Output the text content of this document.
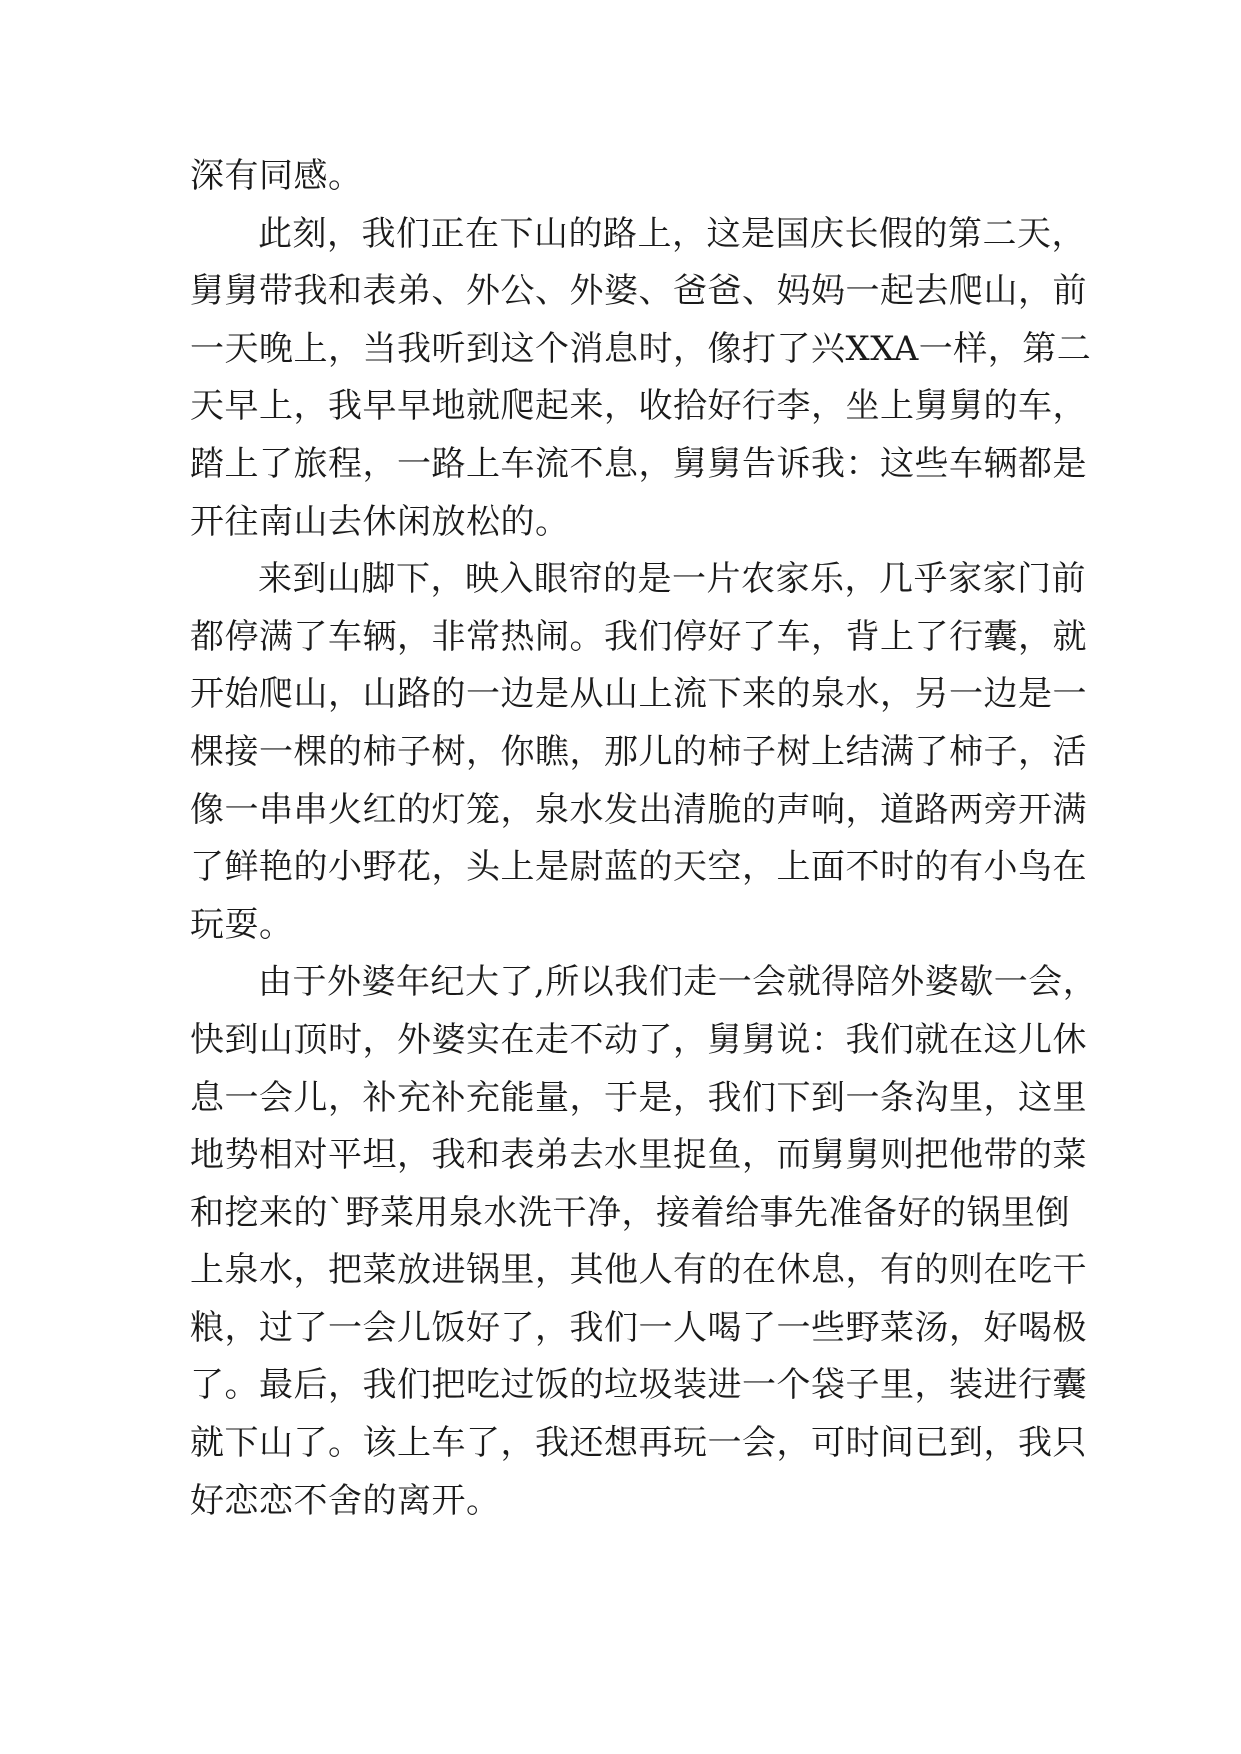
深有同感。
此刻，我们正在下山的路上，这是国庆长假的第二天，
舅舅带我和表弟、外公、外婆、爸爸、妈妈一起去爬山，前
一天晚上，当我听到这个消息时，像打了兴XXA一样，第二
天早上，我早早地就爬起来，收拾好行李，坐上舅舅的车，
踏上了旅程，一路上车流不息，舅舅告诉我：这些车辆都是
开往南山去休闲放松的。
来到山脚下，映入眼帘的是一片农家乐，几乎家家门前
都停满了车辆，非常热闹。我们停好了车，背上了行囊，就
开始爬山，山路的一边是从山上流下来的泉水，另一边是一
棵接一棵的柿子树，你瞧，那儿的柿子树上结满了柿子，活
像一串串火红的灯笼，泉水发出清脆的声响，道路两旁开满
了鲜艳的小野花，头上是尉蓝的天空，上面不时的有小鸟在
玩耍。
由于外婆年纪大了,所以我们走一会就得陪外婆歇一会，
快到山顶时，外婆实在走不动了，舅舅说：我们就在这儿休
息一会儿，补充补充能量，于是，我们下到一条沟里，这里
地势相对平坦，我和表弟去水里捉鱼，而舅舅则把他带的菜
和挖来的`野菜用泉水洗干净，接着给事先准备好的锅里倒
上泉水，把菜放进锅里，其他人有的在休息，有的则在吃干
粮，过了一会儿饭好了，我们一人喝了一些野菜汤，好喝极
了。最后，我们把吃过饭的垃圾装进一个袋子里，装进行囊
就下山了。该上车了，我还想再玩一会，可时间已到，我只
好恋恋不舍的离开。
